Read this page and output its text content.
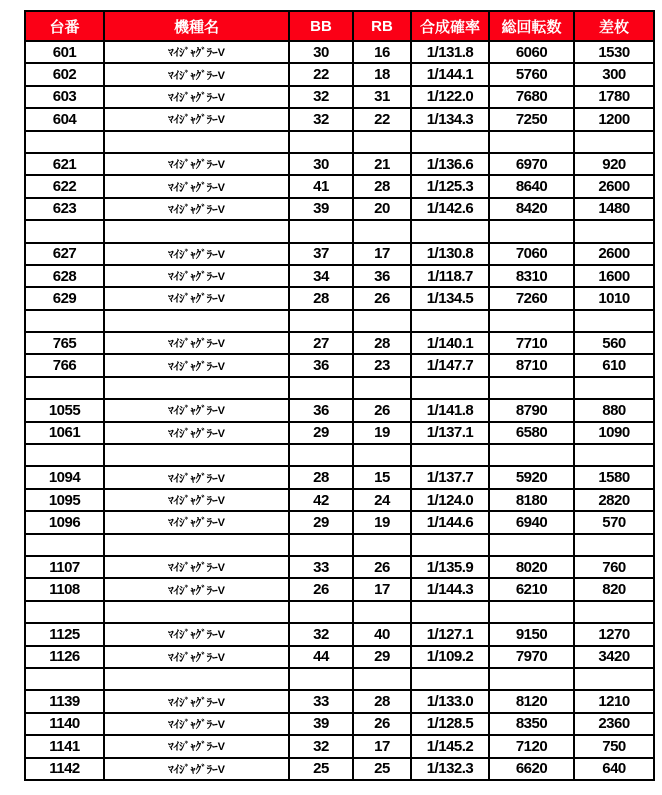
台番	機種名	BB	RB	合成確率	総回転数	差枚
601	ﾏｲｼﾞｬｸﾞﾗｰV	30	16	1/131.8	6060	1530
602	ﾏｲｼﾞｬｸﾞﾗｰV	22	18	1/144.1	5760	300
603	ﾏｲｼﾞｬｸﾞﾗｰV	32	31	1/122.0	7680	1780
604	ﾏｲｼﾞｬｸﾞﾗｰV	32	22	1/134.3	7250	1200

621	ﾏｲｼﾞｬｸﾞﾗｰV	30	21	1/136.6	6970	920
622	ﾏｲｼﾞｬｸﾞﾗｰV	41	28	1/125.3	8640	2600
623	ﾏｲｼﾞｬｸﾞﾗｰV	39	20	1/142.6	8420	1480

627	ﾏｲｼﾞｬｸﾞﾗｰV	37	17	1/130.8	7060	2600
628	ﾏｲｼﾞｬｸﾞﾗｰV	34	36	1/118.7	8310	1600
629	ﾏｲｼﾞｬｸﾞﾗｰV	28	26	1/134.5	7260	1010

765	ﾏｲｼﾞｬｸﾞﾗｰV	27	28	1/140.1	7710	560
766	ﾏｲｼﾞｬｸﾞﾗｰV	36	23	1/147.7	8710	610

1055	ﾏｲｼﾞｬｸﾞﾗｰV	36	26	1/141.8	8790	880
1061	ﾏｲｼﾞｬｸﾞﾗｰV	29	19	1/137.1	6580	1090

1094	ﾏｲｼﾞｬｸﾞﾗｰV	28	15	1/137.7	5920	1580
1095	ﾏｲｼﾞｬｸﾞﾗｰV	42	24	1/124.0	8180	2820
1096	ﾏｲｼﾞｬｸﾞﾗｰV	29	19	1/144.6	6940	570

1107	ﾏｲｼﾞｬｸﾞﾗｰV	33	26	1/135.9	8020	760
1108	ﾏｲｼﾞｬｸﾞﾗｰV	26	17	1/144.3	6210	820

1125	ﾏｲｼﾞｬｸﾞﾗｰV	32	40	1/127.1	9150	1270
1126	ﾏｲｼﾞｬｸﾞﾗｰV	44	29	1/109.2	7970	3420

1139	ﾏｲｼﾞｬｸﾞﾗｰV	33	28	1/133.0	8120	1210
1140	ﾏｲｼﾞｬｸﾞﾗｰV	39	26	1/128.5	8350	2360
1141	ﾏｲｼﾞｬｸﾞﾗｰV	32	17	1/145.2	7120	750
1142	ﾏｲｼﾞｬｸﾞﾗｰV	25	25	1/132.3	6620	640
